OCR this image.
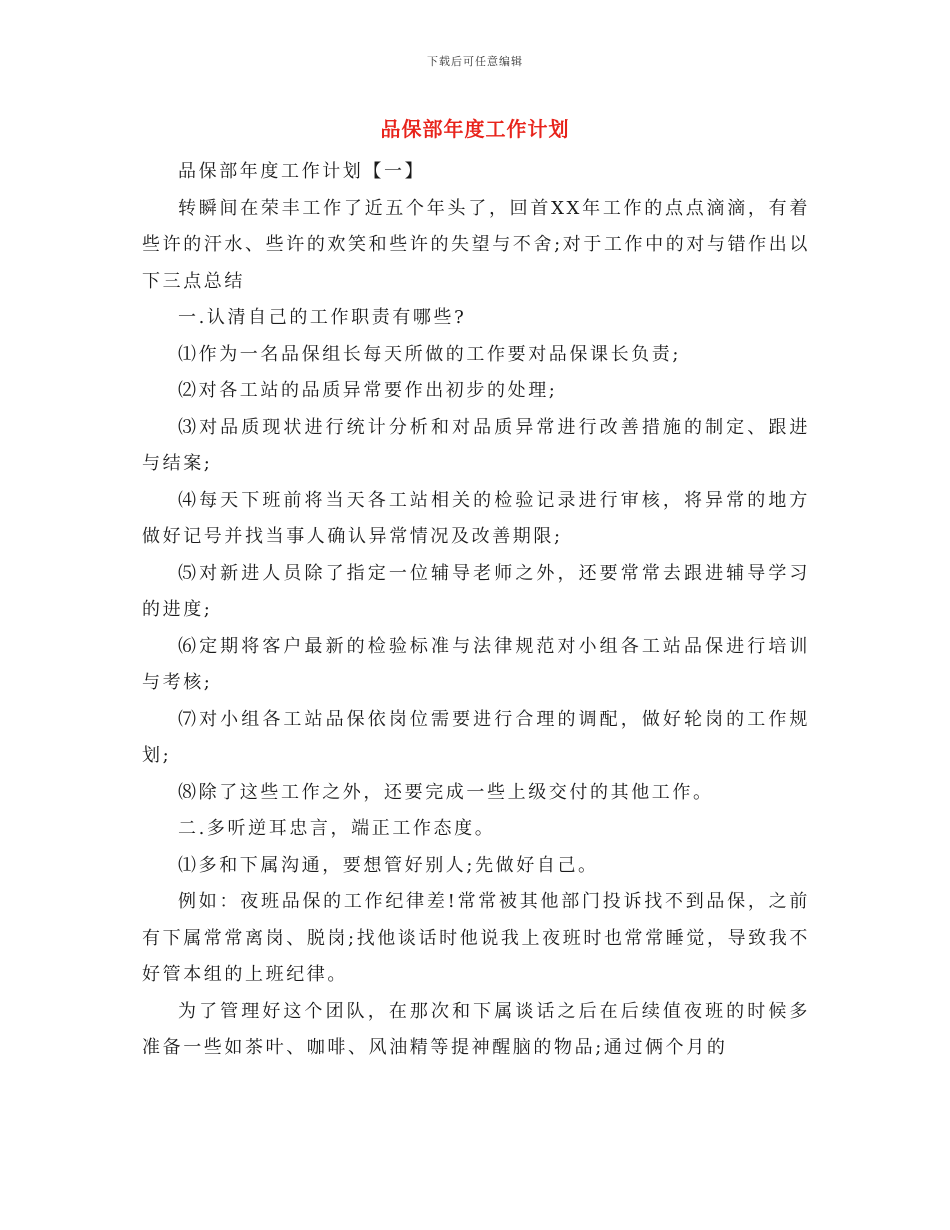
下载后可任意编辑
品保部年度工作计划

品保部年度工作计划【一】

转瞬间在荣丰工作了近五个年头了，回首XX年工作的点点滴滴，有着些许的汗水、些许的欢笑和些许的失望与不舍;对于工作中的对与错作出以下三点总结

一.认清自己的工作职责有哪些?

⑴作为一名品保组长每天所做的工作要对品保课长负责;

⑵对各工站的品质异常要作出初步的处理;

⑶对品质现状进行统计分析和对品质异常进行改善措施的制定、跟进与结案;

⑷每天下班前将当天各工站相关的检验记录进行审核，将异常的地方做好记号并找当事人确认异常情况及改善期限;

⑸对新进人员除了指定一位辅导老师之外，还要常常去跟进辅导学习的进度;

⑹定期将客户最新的检验标准与法律规范对小组各工站品保进行培训与考核;

⑺对小组各工站品保依岗位需要进行合理的调配，做好轮岗的工作规划;

⑻除了这些工作之外，还要完成一些上级交付的其他工作。

二.多听逆耳忠言，端正工作态度。

⑴多和下属沟通，要想管好别人;先做好自己。

例如：夜班品保的工作纪律差!常常被其他部门投诉找不到品保，之前有下属常常离岗、脱岗;找他谈话时他说我上夜班时也常常睡觉，导致我不好管本组的上班纪律。

为了管理好这个团队，在那次和下属谈话之后在后续值夜班的时候多准备一些如茶叶、咖啡、风油精等提神醒脑的物品;通过俩个月的
